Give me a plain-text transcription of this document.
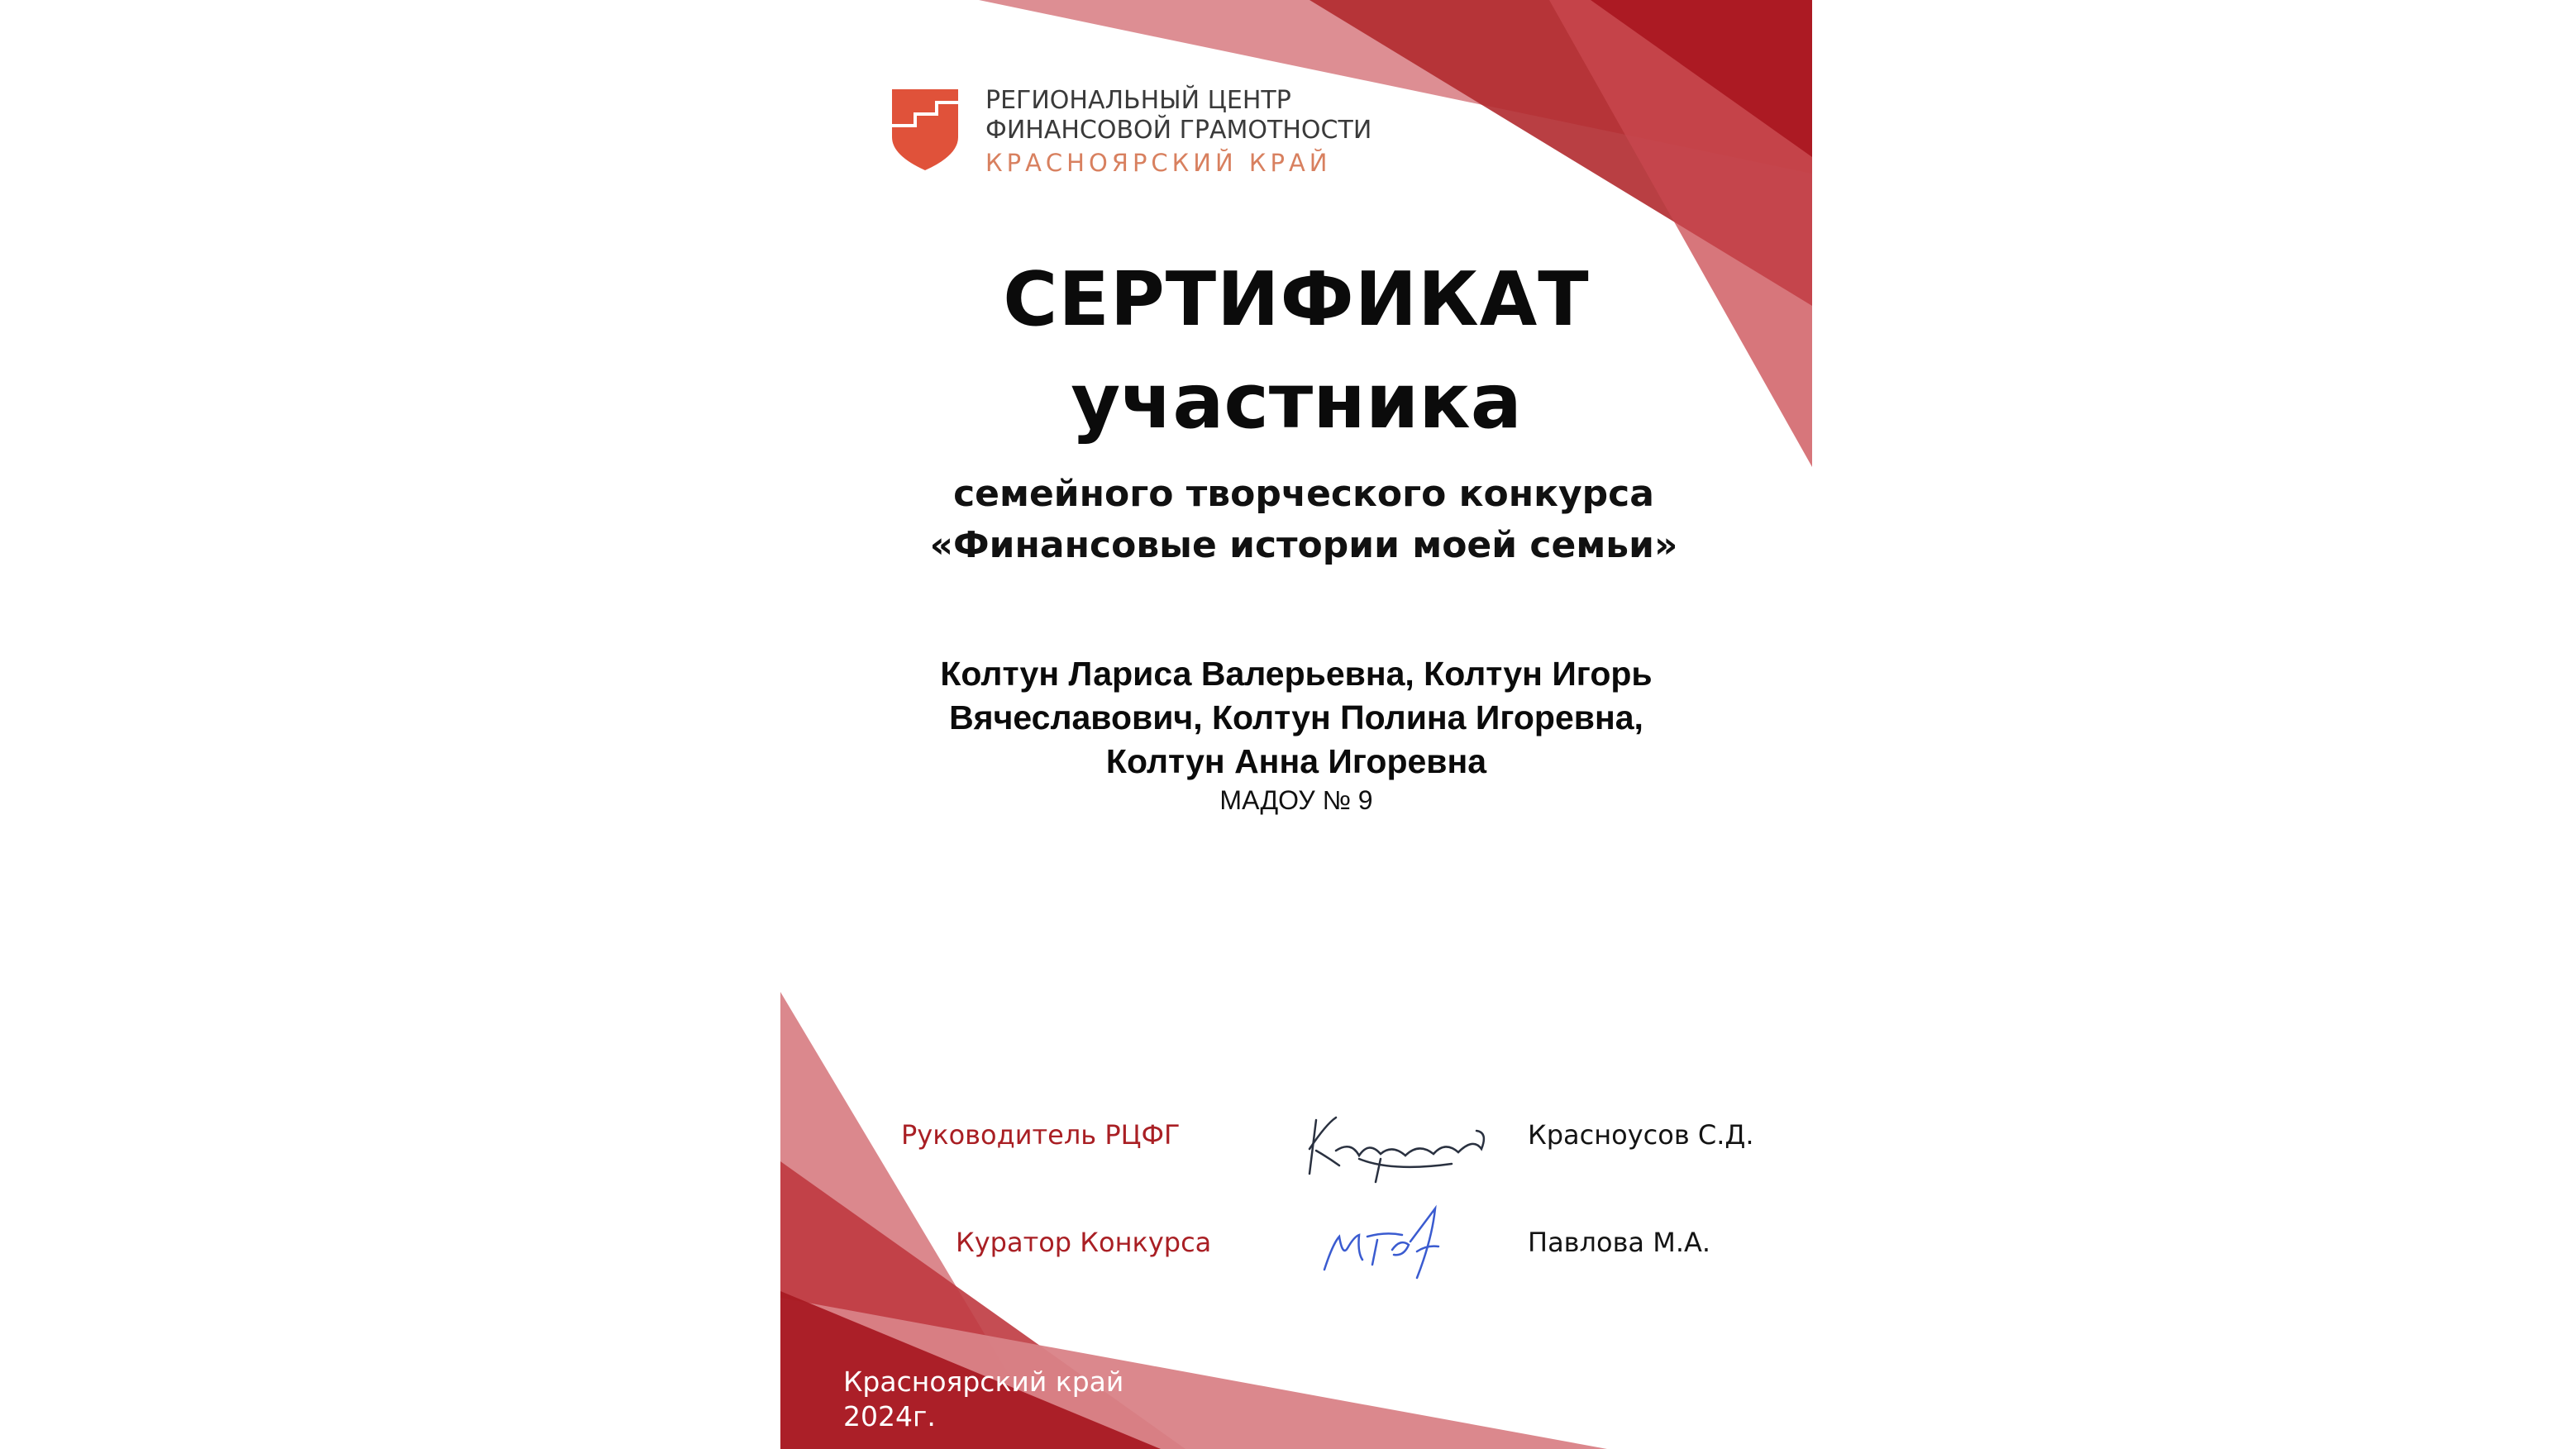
РЕГИОНАЛЬНЫЙ ЦЕНТР
ФИНАНСОВОЙ ГРАМОТНОСТИ
КРАСНОЯРСКИЙ КРАЙ
СЕРТИФИКАТ
участника
семейного творческого конкурса
«Финансовые истории моей семьи»
Колтун Лариса Валерьевна, Колтун Игорь
Вячеславович, Колтун Полина Игоревна,
Колтун Анна Игоревна
МАДОУ № 9
Руководитель РЦФГ	Красноусов С.Д.
Куратор Конкурса	Павлова М.А.
Красноярский край
2024г.
